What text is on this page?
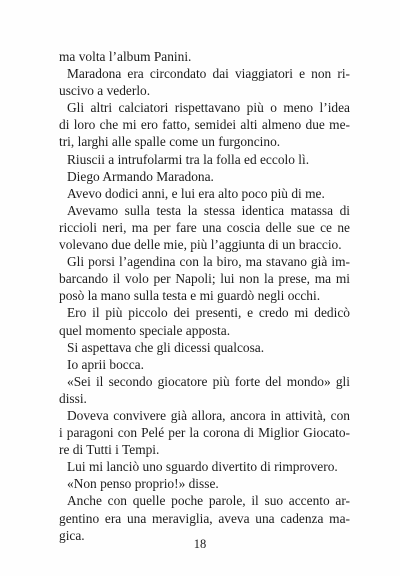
ma volta l’album Panini.
Maradona era circondato dai viaggiatori e non ri-
uscivo a vederlo.
Gli altri calciatori rispettavano più o meno l’idea
di loro che mi ero fatto, semidei alti almeno due me-
tri, larghi alle spalle come un furgoncino.
Riuscii a intrufolarmi tra la folla ed eccolo lì.
Diego Armando Maradona.
Avevo dodici anni, e lui era alto poco più di me.
Avevamo sulla testa la stessa identica matassa di
riccioli neri, ma per fare una coscia delle sue ce ne
volevano due delle mie, più l’aggiunta di un braccio.
Gli porsi l’agendina con la biro, ma stavano già im-
barcando il volo per Napoli; lui non la prese, ma mi
posò la mano sulla testa e mi guardò negli occhi.
Ero il più piccolo dei presenti, e credo mi dedicò
quel momento speciale apposta.
Si aspettava che gli dicessi qualcosa.
Io aprii bocca.
«Sei il secondo giocatore più forte del mondo» gli
dissi.
Doveva convivere già allora, ancora in attività, con
i paragoni con Pelé per la corona di Miglior Giocato-
re di Tutti i Tempi.
Lui mi lanciò uno sguardo divertito di rimprovero.
«Non penso proprio!» disse.
Anche con quelle poche parole, il suo accento ar-
gentino era una meraviglia, aveva una cadenza ma-
gica.
18
